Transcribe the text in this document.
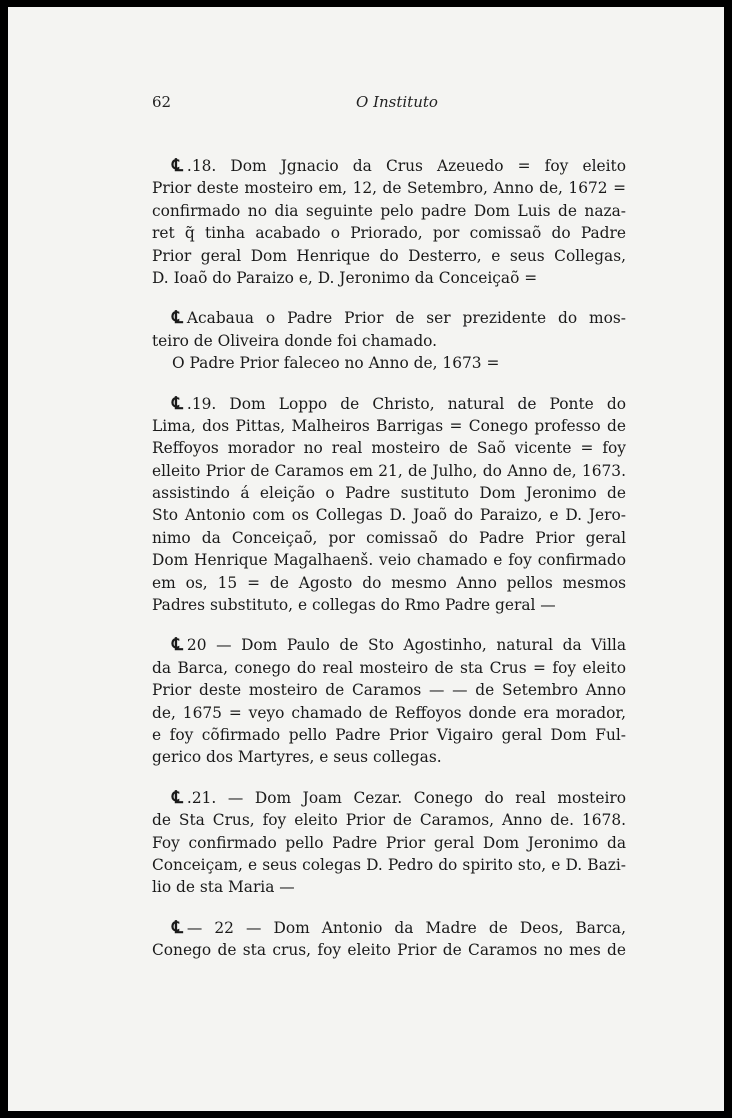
62	O Instituto
℄ .18. Dom Jgnacio da Crus Azeuedo = foy eleito
Prior deste mosteiro em, 12, de Setembro, Anno de, 1672 =
confirmado no dia seguinte pelo padre Dom Luis de naza-
ret q̃ tinha acabado o Priorado, por comissaõ do Padre
Prior geral Dom Henrique do Desterro, e seus Collegas,
D. Ioaõ do Paraizo e, D. Jeronimo da Conceiçaõ =
℄ Acabaua o Padre Prior de ser prezidente do mos-
teiro de Oliveira donde foi chamado.
O Padre Prior faleceo no Anno de, 1673 =
℄ .19. Dom Loppo de Christo, natural de Ponte do
Lima, dos Pittas, Malheiros Barrigas = Conego professo de
Reffoyos morador no real mosteiro de Saõ vicente = foy
elleito Prior de Caramos em 21, de Julho, do Anno de, 1673.
assistindo á eleição o Padre sustituto Dom Jeronimo de
Sto Antonio com os Collegas D. Joaõ do Paraizo, e D. Jero-
nimo da Conceiçaõ, por comissaõ do Padre Prior geral
Dom Henrique Magalhaenš. veio chamado e foy confirmado
em os, 15 = de Agosto do mesmo Anno pellos mesmos
Padres substituto, e collegas do Rmo Padre geral —
℄ 20 — Dom Paulo de Sto Agostinho, natural da Villa
da Barca, conego do real mosteiro de sta Crus = foy eleito
Prior deste mosteiro de Caramos — — de Setembro Anno
de, 1675 = veyo chamado de Reffoyos donde era morador,
e foy cõfirmado pello Padre Prior Vigairo geral Dom Ful-
gerico dos Martyres, e seus collegas.
℄ .21. — Dom Joam Cezar. Conego do real mosteiro
de Sta Crus, foy eleito Prior de Caramos, Anno de. 1678.
Foy confirmado pello Padre Prior geral Dom Jeronimo da
Conceiçam, e seus colegas D. Pedro do spirito sto, e D. Bazi-
lio de sta Maria —
℄ — 22 — Dom Antonio da Madre de Deos, Barca,
Conego de sta crus, foy eleito Prior de Caramos no mes de
